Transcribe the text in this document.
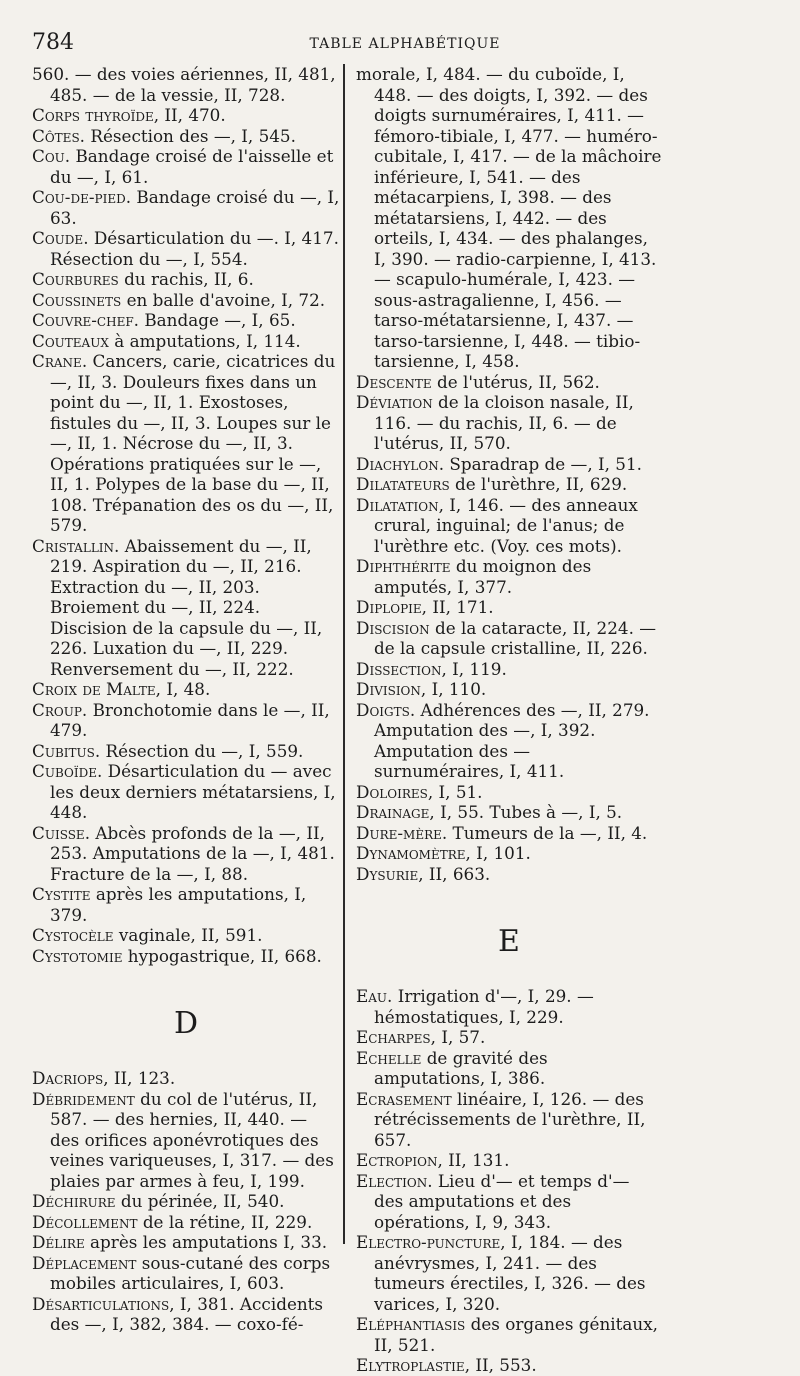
784	TABLE ALPHABÉTIQUE

560. — des voies aériennes, II, 481, 485. — de la vessie, II, 728.

Corps thyroïde, II, 470.

Côtes. Résection des —, I, 545.

Cou. Bandage croisé de l'aisselle et du —, I, 61.

Cou-de-pied. Bandage croisé du —, I, 63.

Coude. Désarticulation du —. I, 417. Résection du —, I, 554.

Courbures du rachis, II, 6.

Coussinets en balle d'avoine, I, 72.

Couvre-chef. Bandage —, I, 65.

Couteaux à amputations, I, 114.

Crane. Cancers, carie, cicatrices du —, II, 3. Douleurs fixes dans un point du —, II, 1. Exostoses, fistules du —, II, 3. Loupes sur le —, II, 1. Nécrose du —, II, 3. Opérations pratiquées sur le —, II, 1. Polypes de la base du —, II, 108. Trépanation des os du —, II, 579.

Cristallin. Abaissement du —, II, 219. Aspiration du —, II, 216. Extraction du —, II, 203. Broiement du —, II, 224. Discision de la capsule du —, II, 226. Luxation du —, II, 229. Renversement du —, II, 222.

Croix de Malte, I, 48.

Croup. Bronchotomie dans le —, II, 479.

Cubitus. Résection du —, I, 559.

Cuboïde. Désarticulation du — avec les deux derniers métatarsiens, I, 448.

Cuisse. Abcès profonds de la —, II, 253. Amputations de la —, I, 481. Fracture de la —, I, 88.

Cystite après les amputations, I, 379.

Cystocèle vaginale, II, 591.

Cystotomie hypogastrique, II, 668.

D

Dacriops, II, 123.

Débridement du col de l'utérus, II, 587. — des hernies, II, 440. — des orifices aponévrotiques des veines variqueuses, I, 317. — des plaies par armes à feu, I, 199.

Déchirure du périnée, II, 540.

Décollement de la rétine, II, 229.

Délire après les amputations I, 33.

Déplacement sous-cutané des corps mobiles articulaires, I, 603.

Désarticulations, I, 381. Accidents des —, I, 382, 384. — coxo-fé-

morale, I, 484. — du cuboïde, I, 448. — des doigts, I, 392. — des doigts surnuméraires, I, 411. — fémoro-tibiale, I, 477. — huméro-cubitale, I, 417. — de la mâchoire inférieure, I, 541. — des métacarpiens, I, 398. — des métatarsiens, I, 442. — des orteils, I, 434. — des phalanges, I, 390. — radio-carpienne, I, 413. — scapulo-humérale, I, 423. — sous-astragalienne, I, 456. — tarso-métatarsienne, I, 437. — tarso-tarsienne, I, 448. — tibio-tarsienne, I, 458.

Descente de l'utérus, II, 562.

Déviation de la cloison nasale, II, 116. — du rachis, II, 6. — de l'utérus, II, 570.

Diachylon. Sparadrap de —, I, 51.

Dilatateurs de l'urèthre, II, 629.

Dilatation, I, 146. — des anneaux crural, inguinal; de l'anus; de l'urèthre etc. (Voy. ces mots).

Diphthérite du moignon des amputés, I, 377.

Diplopie, II, 171.

Discision de la cataracte, II, 224. — de la capsule cristalline, II, 226.

Dissection, I, 119.

Division, I, 110.

Doigts. Adhérences des —, II, 279. Amputation des —, I, 392. Amputation des — surnuméraires, I, 411.

Doloires, I, 51.

Drainage, I, 55. Tubes à —, I, 5.

Dure-mère. Tumeurs de la —, II, 4.

Dynamomètre, I, 101.

Dysurie, II, 663.

E

Eau. Irrigation d'—, I, 29. — hémostatiques, I, 229.

Echarpes, I, 57.

Echelle de gravité des amputations, I, 386.

Ecrasement linéaire, I, 126. — des rétrécissements de l'urèthre, II, 657.

Ectropion, II, 131.

Election. Lieu d'— et temps d'— des amputations et des opérations, I, 9, 343.

Electro-puncture, I, 184. — des anévrysmes, I, 241. — des tumeurs érectiles, I, 326. — des varices, I, 320.

Eléphantiasis des organes génitaux, II, 521.

Elytroplastie, II, 553.
